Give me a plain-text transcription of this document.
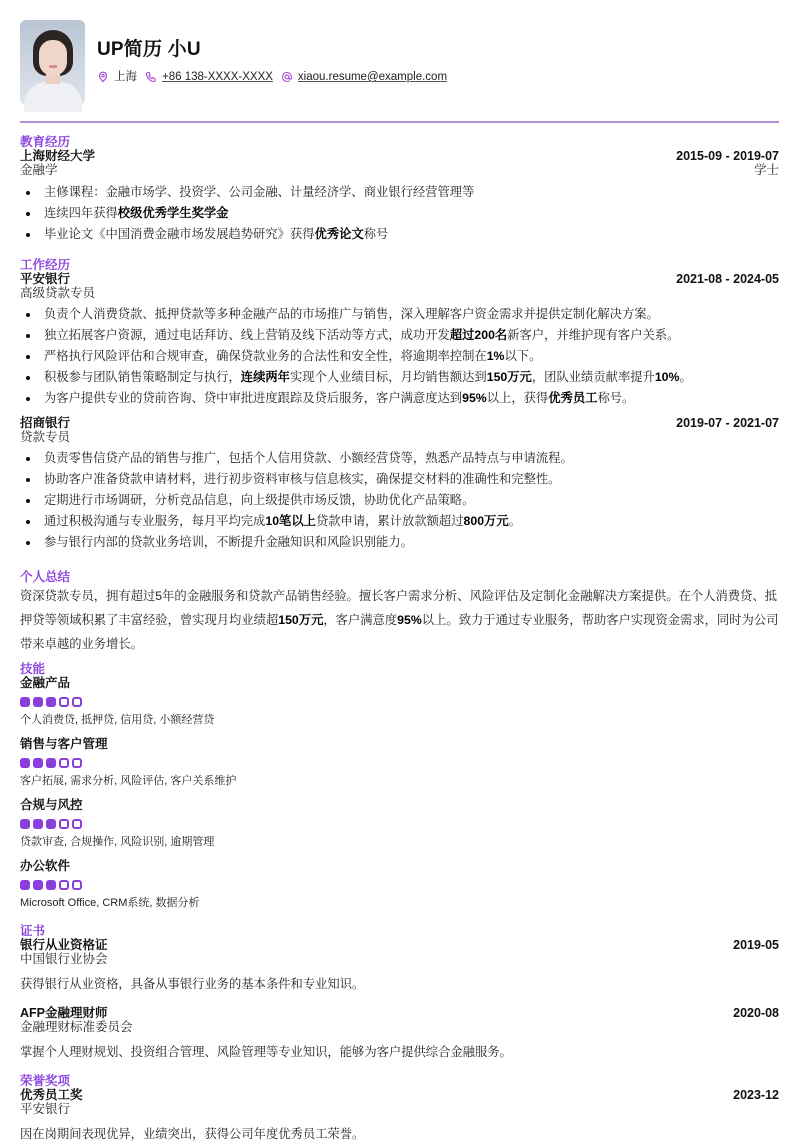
UP简历 小U
上海 +86 138-XXXX-XXXX xiaou.resume@example.com
教育经历
上海财经大学	2015-09 - 2019-07
金融学	学士
主修课程：金融市场学、投资学、公司金融、计量经济学、商业银行经营管理等
连续四年获得校级优秀学生奖学金
毕业论文《中国消费金融市场发展趋势研究》获得优秀论文称号
工作经历
平安银行	2021-08 - 2024-05
高级贷款专员
负责个人消费贷款、抵押贷款等多种金融产品的市场推广与销售，深入理解客户资金需求并提供定制化解决方案。
独立拓展客户资源，通过电话拜访、线上营销及线下活动等方式，成功开发超过200名新客户，并维护现有客户关系。
严格执行风险评估和合规审查，确保贷款业务的合法性和安全性，将逾期率控制在1%以下。
积极参与团队销售策略制定与执行，连续两年实现个人业绩目标，月均销售额达到150万元，团队业绩贡献率提升10%。
为客户提供专业的贷前咨询、贷中审批进度跟踪及贷后服务，客户满意度达到95%以上，获得优秀员工称号。
招商银行	2019-07 - 2021-07
贷款专员
负责零售信贷产品的销售与推广，包括个人信用贷款、小额经营贷等，熟悉产品特点与申请流程。
协助客户准备贷款申请材料，进行初步资料审核与信息核实，确保提交材料的准确性和完整性。
定期进行市场调研，分析竞品信息，向上级提供市场反馈，协助优化产品策略。
通过积极沟通与专业服务，每月平均完成10笔以上贷款申请，累计放款额超过800万元。
参与银行内部的贷款业务培训，不断提升金融知识和风险识别能力。
个人总结
资深贷款专员，拥有超过5年的金融服务和贷款产品销售经验。擅长客户需求分析、风险评估及定制化金融解决方案提供。在个人消费贷、抵押贷等领域积累了丰富经验，曾实现月均业绩超150万元，客户满意度95%以上。致力于通过专业服务，帮助客户实现资金需求，同时为公司带来卓越的业务增长。
技能
金融产品
个人消费贷, 抵押贷, 信用贷, 小额经营贷
销售与客户管理
客户拓展, 需求分析, 风险评估, 客户关系维护
合规与风控
贷款审查, 合规操作, 风险识别, 逾期管理
办公软件
Microsoft Office, CRM系统, 数据分析
证书
银行从业资格证	2019-05
中国银行业协会
获得银行从业资格，具备从事银行业务的基本条件和专业知识。
AFP金融理财师	2020-08
金融理财标准委员会
掌握个人理财规划、投资组合管理、风险管理等专业知识，能够为客户提供综合金融服务。
荣誉奖项
优秀员工奖	2023-12
平安银行
因在岗期间表现优异，业绩突出，获得公司年度优秀员工荣誉。
